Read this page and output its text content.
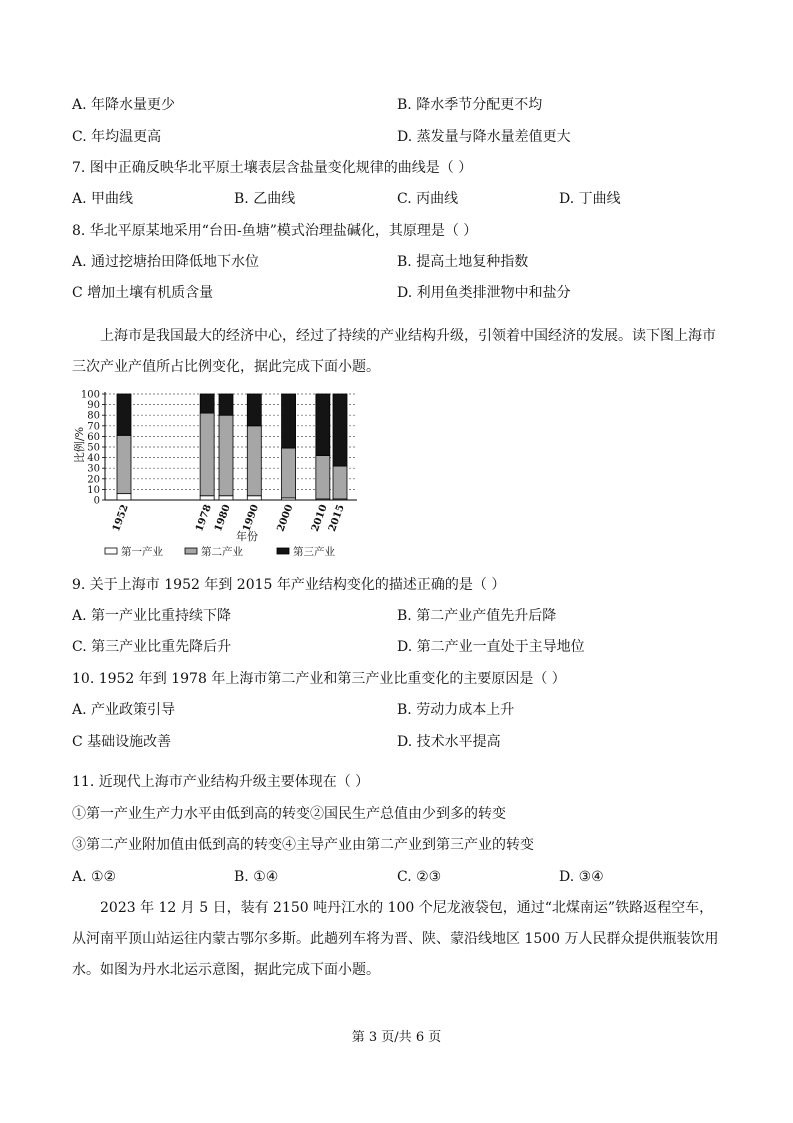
A. 年降水量更少	B. 降水季节分配更不均
C. 年均温更高	D. 蒸发量与降水量差值更大
7. 图中正确反映华北平原土壤表层含盐量变化规律的曲线是（ ）
A. 甲曲线	B. 乙曲线	C. 丙曲线	D. 丁曲线
8. 华北平原某地采用“台田-鱼塘”模式治理盐碱化，其原理是（ ）
A. 通过挖塘抬田降低地下水位	B. 提高土地复种指数
C 增加土壤有机质含量	D. 利用鱼类排泄物中和盐分
上海市是我国最大的经济中心，经过了持续的产业结构升级，引领着中国经济的发展。读下图上海市三次产业产值所占比例变化，据此完成下面小题。
0
10
20
30
40
50
60
70
80
90
100
1952	1978
1980 1990 2000 2010
2015
比例/%
年份
第一产业	第二产业	第三产业
9. 关于上海市 1952 年到 2015 年产业结构变化的描述正确的是（ ）
A. 第一产业比重持续下降	B. 第二产业产值先升后降
C. 第三产业比重先降后升	D. 第二产业一直处于主导地位
10. 1952 年到 1978 年上海市第二产业和第三产业比重变化的主要原因是（ ）
A. 产业政策引导	B. 劳动力成本上升
C 基础设施改善	D. 技术水平提高
11. 近现代上海市产业结构升级主要体现在（ ）
①第一产业生产力水平由低到高的转变②国民生产总值由少到多的转变
③第二产业附加值由低到高的转变④主导产业由第二产业到第三产业的转变
A. ①②	B. ①④	C. ②③	D. ③④
2023 年 12 月 5 日，装有 2150 吨丹江水的 100 个尼龙液袋包，通过“北煤南运”铁路返程空车，从河南平顶山站运往内蒙古鄂尔多斯。此趟列车将为晋、陕、蒙沿线地区 1500 万人民群众提供瓶装饮用水。如图为丹水北运示意图，据此完成下面小题。
第 3 页/共 6 页
